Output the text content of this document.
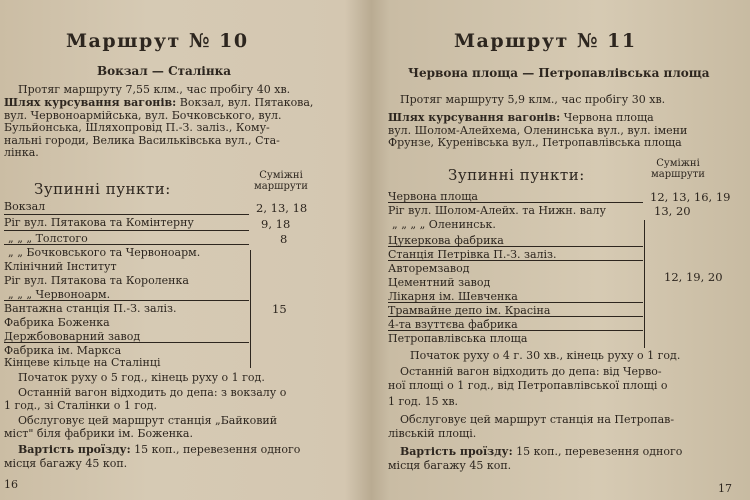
Маршрут № 10
Вокзал — Сталінка
Протяг маршруту 7,55 клм., час пробігу 40 хв.
Шлях курсування вагонів: Вокзал, вул. Пятакова,
вул. Червоноармійська, вул. Бочковського, вул.
Бульйонська, Шляхопровід П.-З. заліз., Кому-
нальні городи, Велика Васильківська вул., Ста-
лінка.
Зупинні пункти:
Суміжні
маршрути
Вокзал
Ріг вул. Пятакова та Комінтерну
„ „ „ Толстого
„ „ Бочковського та Червоноарм.
Клінічний Інститут
Ріг вул. Пятакова та Короленка
„ „ „ Червоноарм.
Вантажна станція П.-З. заліз.
Фабрика Боженка
Держбововарний завод
Фабрика ім. Маркса
Кінцеве кільце на Сталінці
2, 13, 18
9, 18
8
15
Початок руху о 5 год., кінець руху о 1 год.
Останній вагон відходить до депа: з вокзалу о
1 год., зі Сталінки о 1 год.
Обслуговує цей маршрут станція „Байковий
міст" біля фабрики ім. Боженка.
Вартість проїзду: 15 коп., перевезення одного
місця багажу 45 коп.
16
Маршрут № 11
Червона площа — Петропавлівська площа
Протяг маршруту 5,9 клм., час пробігу 30 хв.
Шлях курсування вагонів: Червона площа
вул. Шолом-Алейхема, Оленинська вул., вул. імени
Фрунзе, Куренівська вул., Петропавлівська площа
Зупинні пункти:
Суміжні
маршрути
Червона площа
Ріг вул. Шолом-Алейх. та Нижн. валу
„ „ „ „ Оленинськ.
Цукеркова фабрика
Станція Петрівка П.-З. заліз.
Авторемзавод
Цементний завод
Лікарня ім. Шевченка
Трамвайне депо ім. Красіна
4-та взуттєва фабрика
Петропавлівська площа
12, 13, 16, 19
13, 20
12, 19, 20
Початок руху о 4 г. 30 хв., кінець руху о 1 год.
Останній вагон відходить до депа: від Черво-
ної площі о 1 год., від Петропавлівської площі о
1 год. 15 хв.
Обслуговує цей маршрут станція на Петропав-
лівській площі.
Вартість проїзду: 15 коп., перевезення одного
місця багажу 45 коп.
17
